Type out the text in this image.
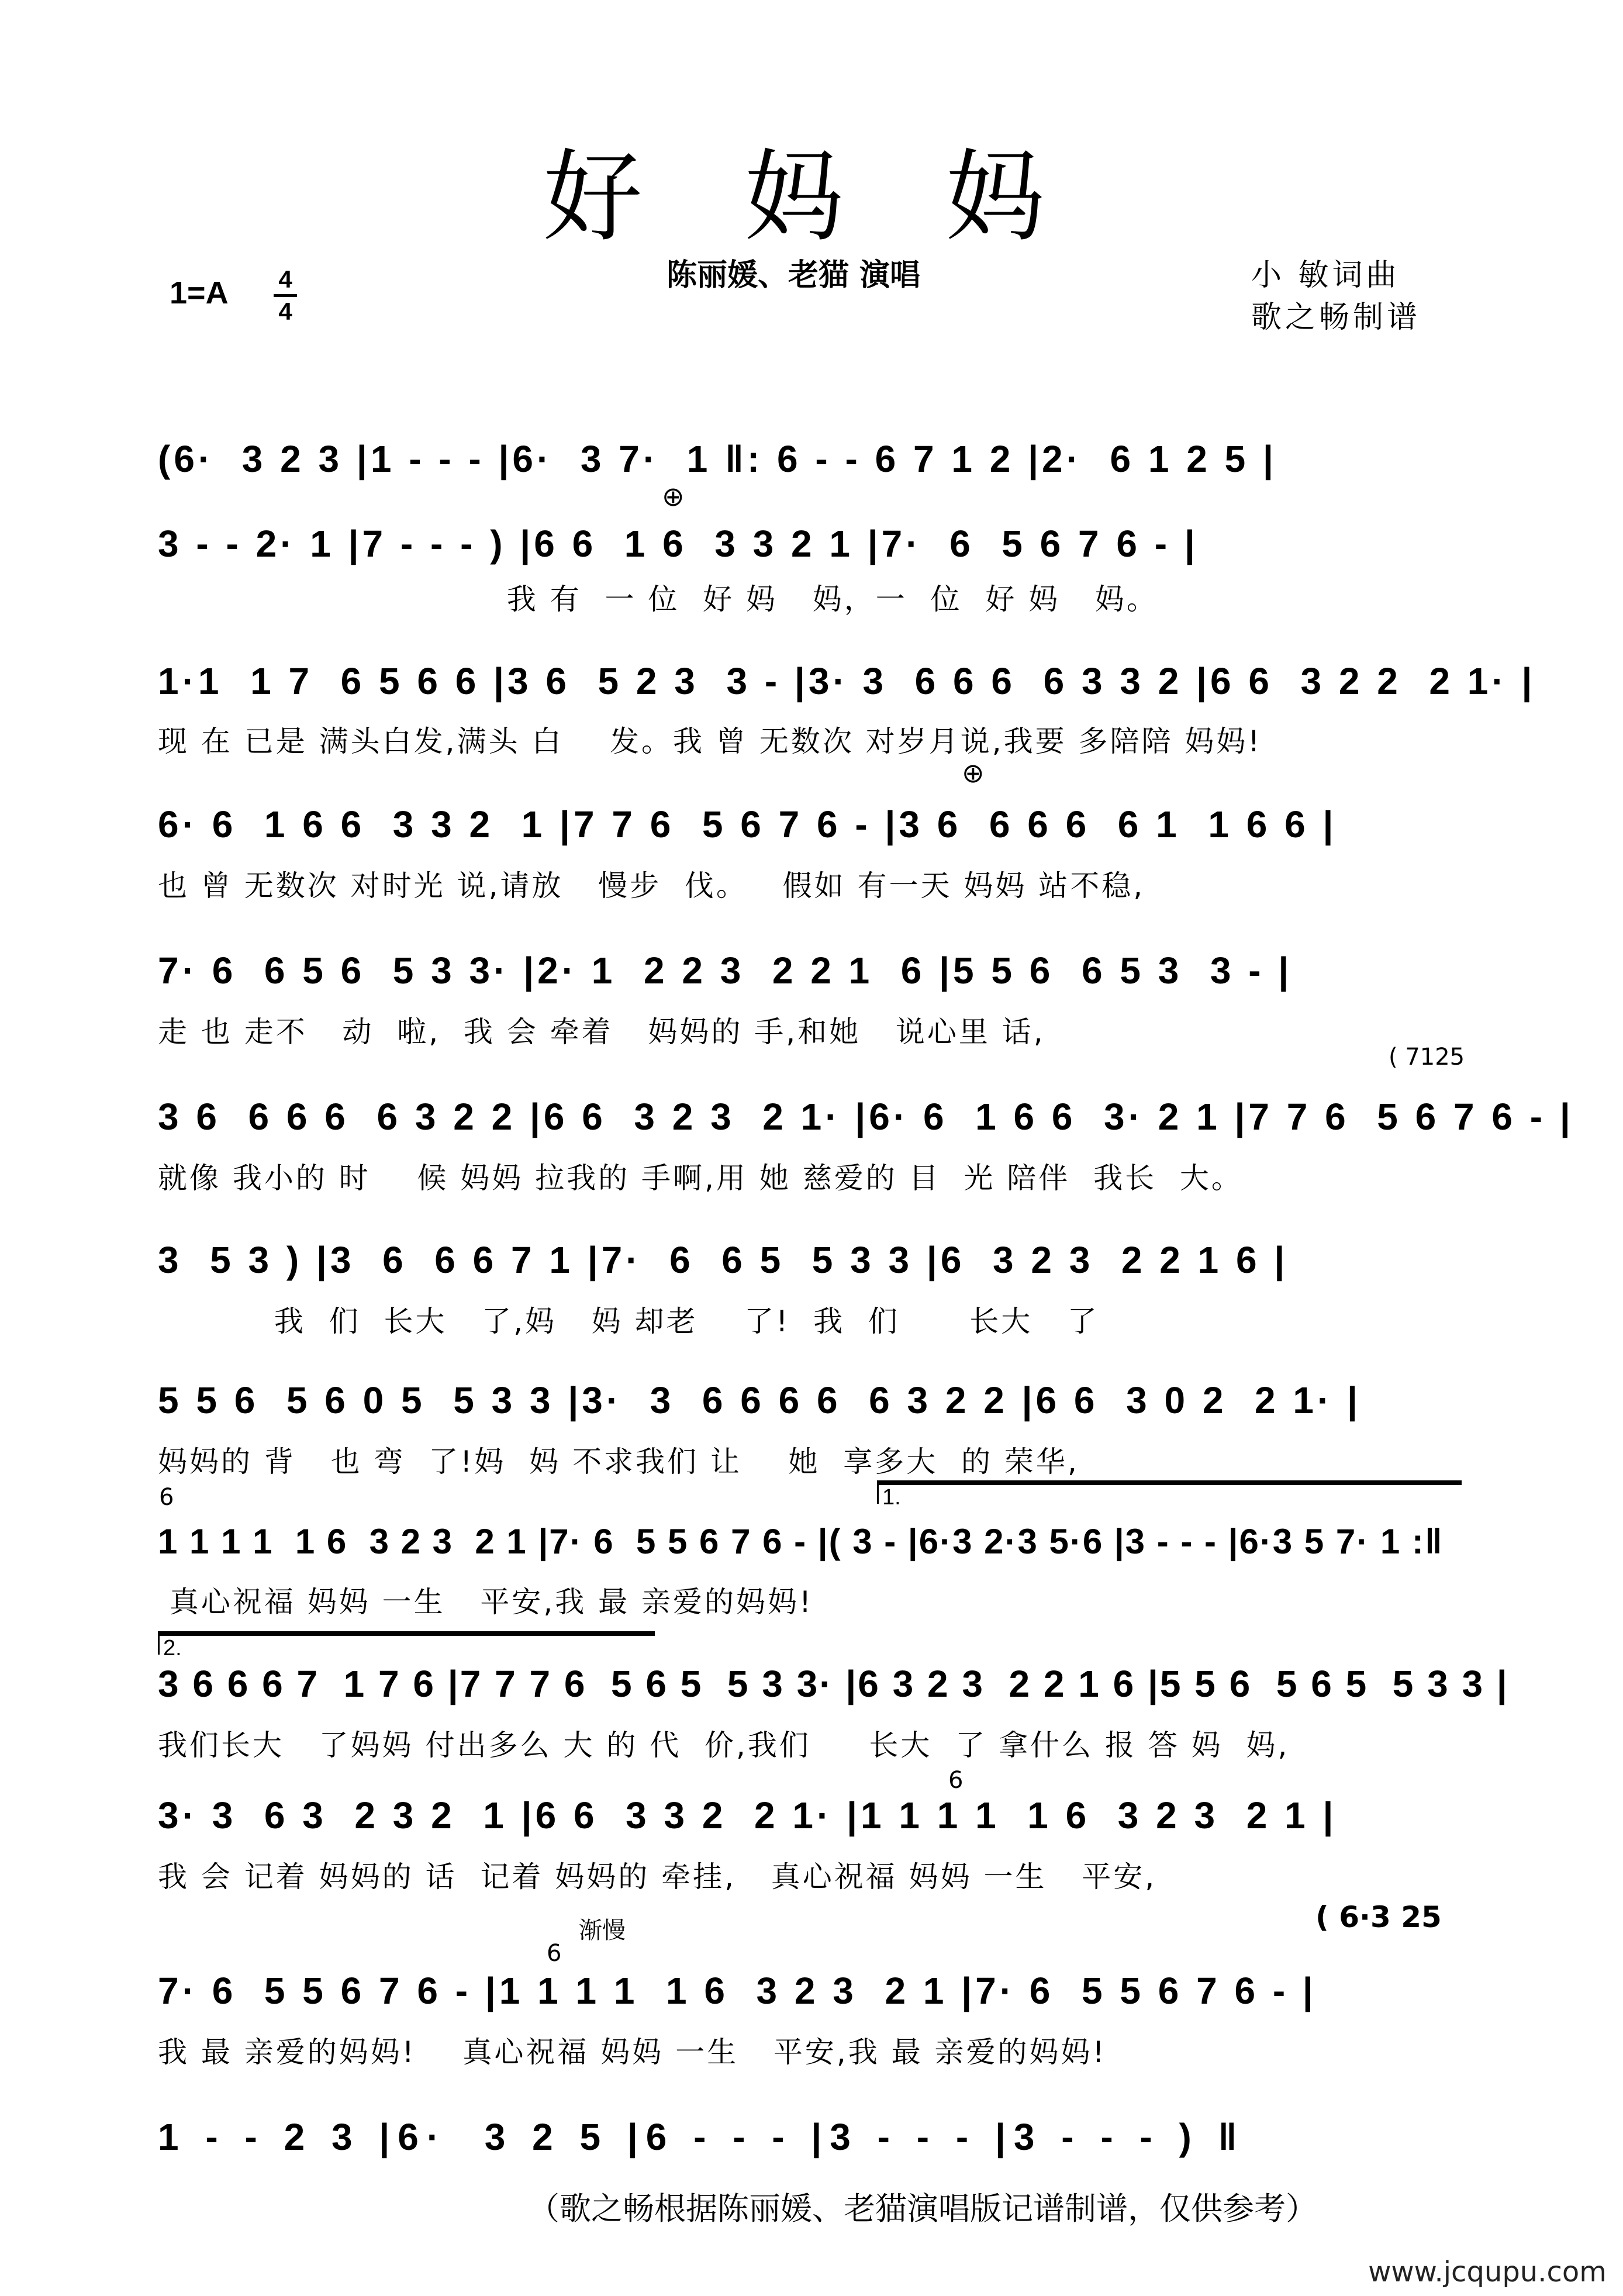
好 妈 妈
陈丽媛、老猫 演唱	小 敏词曲
歌之畅制谱
1=A 4
4
(6·  3 2 3 |1 - - - |6·  3 7·  1 ‖: 6 - - 6 7 1 2 |2·  6 1 2 5 |
3 - - 2· 1 |7 - - - ) |6 6  1 6  3 3 2 1 |7·  6  5 6 7 6 - |
我 有  一 位  好 妈   妈，一  位  好 妈   妈。
⊕
1·1  1 7  6 5 6 6 |3 6  5 2 3  3 - |3· 3  6 6 6  6 3 3 2 |6 6  3 2 2  2 1· |
现 在 已是 满头白发,满头 白    发。我 曾 无数次 对岁月说,我要 多陪陪 妈妈!
6· 6  1 6 6  3 3 2  1 |7 7 6  5 6 7 6 - |3 6  6 6 6  6 1  1 6 6 |
也 曾 无数次 对时光 说,请放   慢步  伐。   假如 有一天 妈妈 站不稳,
⊕
7· 6  6 5 6  5 3 3· |2· 1  2 2 3  2 2 1  6 |5 5 6  6 5 3  3 - |
走 也 走不   动  啦,  我 会 牵着   妈妈的 手,和她   说心里 话,
( 7125
3 6  6 6 6  6 3 2 2 |6 6  3 2 3  2 1· |6· 6  1 6 6  3· 2 1 |7 7 6  5 6 7 6 - |
就像 我小的 时    候 妈妈 拉我的 手啊,用 她 慈爱的 目  光 陪伴  我长  大。
3  5 3 ) |3  6  6 6 7 1 |7·  6  6 5  5 3 3 |6  3 2 3  2 2 1 6 |
我  们  长大   了,妈   妈 却老    了!  我  们      长大   了
5 5 6  5 6 0 5  5 3 3 |3·  3  6 6 6 6  6 3 2 2 |6 6  3 0 2  2 1· |
妈妈的 背   也 弯  了!妈  妈 不求我们 让    她  享多大  的 荣华,
1.
6
1 1 1 1  1 6  3 2 3  2 1 |7· 6  5 5 6 7 6 - |( 3 - |6·3 2·3 5·6 |3 - - - |6·3 5 7· 1 :‖
真心祝福 妈妈 一生   平安,我 最 亲爱的妈妈!
2.
3 6 6 6 7  1 7 6 |7 7 7 6  5 6 5  5 3 3· |6 3 2 3  2 2 1 6 |5 5 6  5 6 5  5 3 3 |
我们长大   了妈妈 付出多么 大 的 代  价,我们     长大  了 拿什么 报 答 妈  妈,
6
3· 3  6 3  2 3 2  1 |6 6  3 3 2  2 1· |1 1 1 1  1 6  3 2 3  2 1 |
我 会 记着 妈妈的 话  记着 妈妈的 牵挂,   真心祝福 妈妈 一生   平安,
( 6·3 25
渐慢
6
7· 6  5 5 6 7 6 - |1 1 1 1  1 6  3 2 3  2 1 |7· 6  5 5 6 7 6 - |
我 最 亲爱的妈妈!    真心祝福 妈妈 一生   平安,我 最 亲爱的妈妈!
1 - - 2 3 |6·  3 2 5 |6 - - - |3 - - - |3 - - - ) ‖
（歌之畅根据陈丽媛、老猫演唱版记谱制谱，仅供参考）
www.jcqupu.com
